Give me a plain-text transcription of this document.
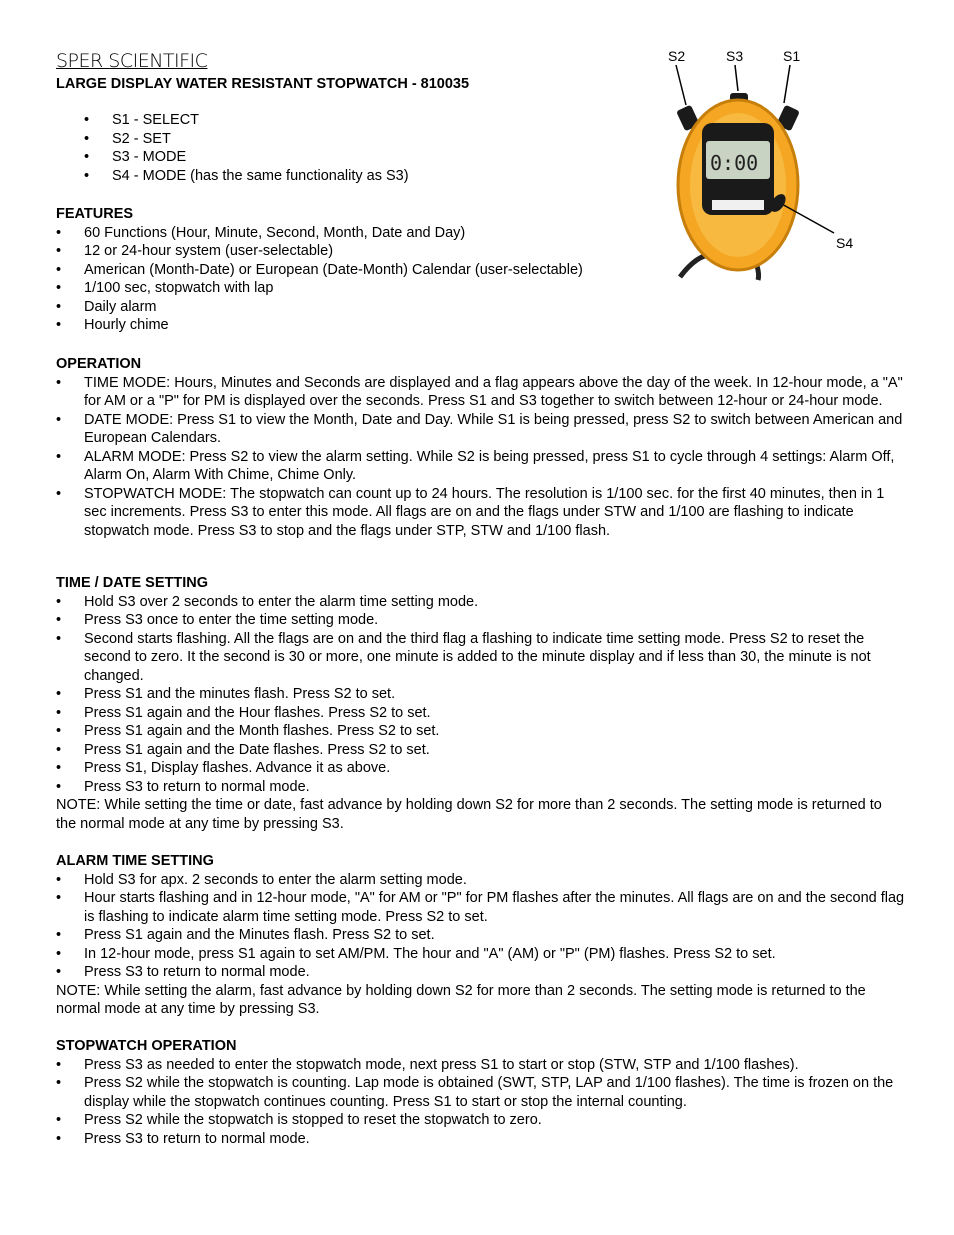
SPER SCIENTIFIC
LARGE DISPLAY WATER RESISTANT STOPWATCH - 810035
• S1 - SELECT
• S2 - SET
• S3 - MODE
• S4 - MODE (has the same functionality as S3)
S2	S3	S1
S4
0:00

FEATURES

• 60 Functions (Hour, Minute, Second, Month, Date and Day)
• 12 or 24-hour system (user-selectable)
• American (Month-Date) or European (Date-Month) Calendar (user-selectable)
• 1/100 sec, stopwatch with lap
• Daily alarm
• Hourly chime

OPERATION

• TIME MODE: Hours, Minutes and Seconds are displayed and a flag appears above the day of the week. In 12-hour mode, a "A" for AM or a "P" for PM is displayed over the seconds. Press S1 and S3 together to switch between 12-hour or 24-hour mode.
• DATE MODE: Press S1 to view the Month, Date and Day. While S1 is being pressed, press S2 to switch between American and European Calendars.
• ALARM MODE: Press S2 to view the alarm setting. While S2 is being pressed, press S1 to cycle through 4 settings: Alarm Off, Alarm On, Alarm With Chime, Chime Only.
• STOPWATCH MODE: The stopwatch can count up to 24 hours. The resolution is 1/100 sec. for the first 40 minutes, then in 1 sec increments. Press S3 to enter this mode. All flags are on and the flags under STW and 1/100 are flashing to indicate stopwatch mode. Press S3 to stop and the flags under STP, STW and 1/100 flash.

TIME / DATE SETTING

• Hold S3 over 2 seconds to enter the alarm time setting mode.
• Press S3 once to enter the time setting mode.
• Second starts flashing. All the flags are on and the third flag a flashing to indicate time setting mode. Press S2 to reset the second to zero. It the second is 30 or more, one minute is added to the minute display and if less than 30, the minute is not changed.
• Press S1 and the minutes flash. Press S2 to set.
• Press S1 again and the Hour flashes. Press S2 to set.
• Press S1 again and the Month flashes. Press S2 to set.
• Press S1 again and the Date flashes. Press S2 to set.
• Press S1, Display flashes. Advance it as above.
• Press S3 to return to normal mode.

NOTE: While setting the time or date, fast advance by holding down S2 for more than 2 seconds. The setting mode is returned to the normal mode at any time by pressing S3.

ALARM TIME SETTING

• Hold S3 for apx. 2 seconds to enter the alarm setting mode.
• Hour starts flashing and in 12-hour mode, "A" for AM or "P" for PM flashes after the minutes. All flags are on and the second flag is flashing to indicate alarm time setting mode. Press S2 to set.
• Press S1 again and the Minutes flash. Press S2 to set.
• In 12-hour mode, press S1 again to set AM/PM. The hour and "A" (AM) or "P" (PM) flashes. Press S2 to set.
• Press S3 to return to normal mode.

NOTE: While setting the alarm, fast advance by holding down S2 for more than 2 seconds. The setting mode is returned to the normal mode at any time by pressing S3.

STOPWATCH OPERATION

• Press S3 as needed to enter the stopwatch mode, next press S1 to start or stop (STW, STP and 1/100 flashes).
• Press S2 while the stopwatch is counting. Lap mode is obtained (SWT, STP, LAP and 1/100 flashes). The time is frozen on the display while the stopwatch continues counting. Press S1 to start or stop the internal counting.
• Press S2 while the stopwatch is stopped to reset the stopwatch to zero.
• Press S3 to return to normal mode.
